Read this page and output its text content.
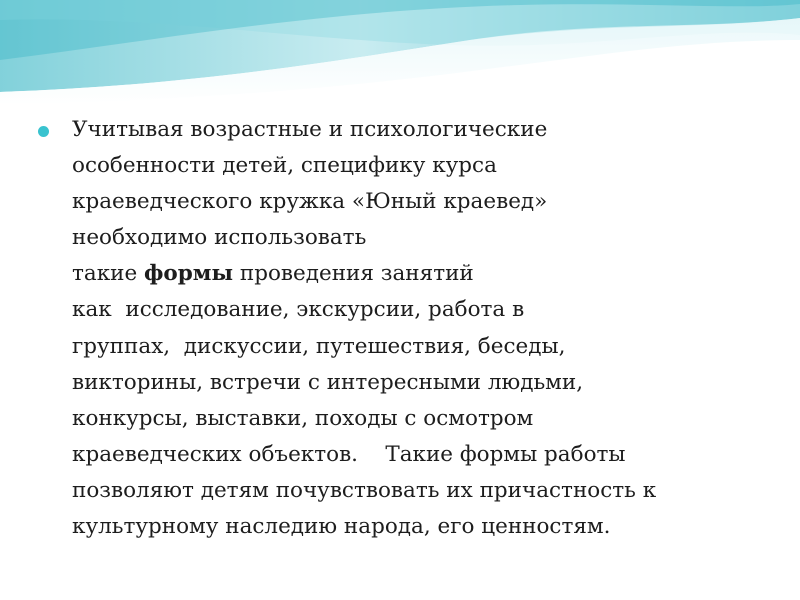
Учитывая возрастные и психологические
особенности детей, специфику курса
краеведческого кружка «Юный краевед»
необходимо использовать
такие формы проведения занятий
как  исследование, экскурсии, работа в
группах,  дискуссии, путешествия, беседы,
викторины, встречи с интересными людьми,
конкурсы, выставки, походы с осмотром
краеведческих объектов.    Такие формы работы
позволяют детям почувствовать их причастность к
культурному наследию народа, его ценностям.
